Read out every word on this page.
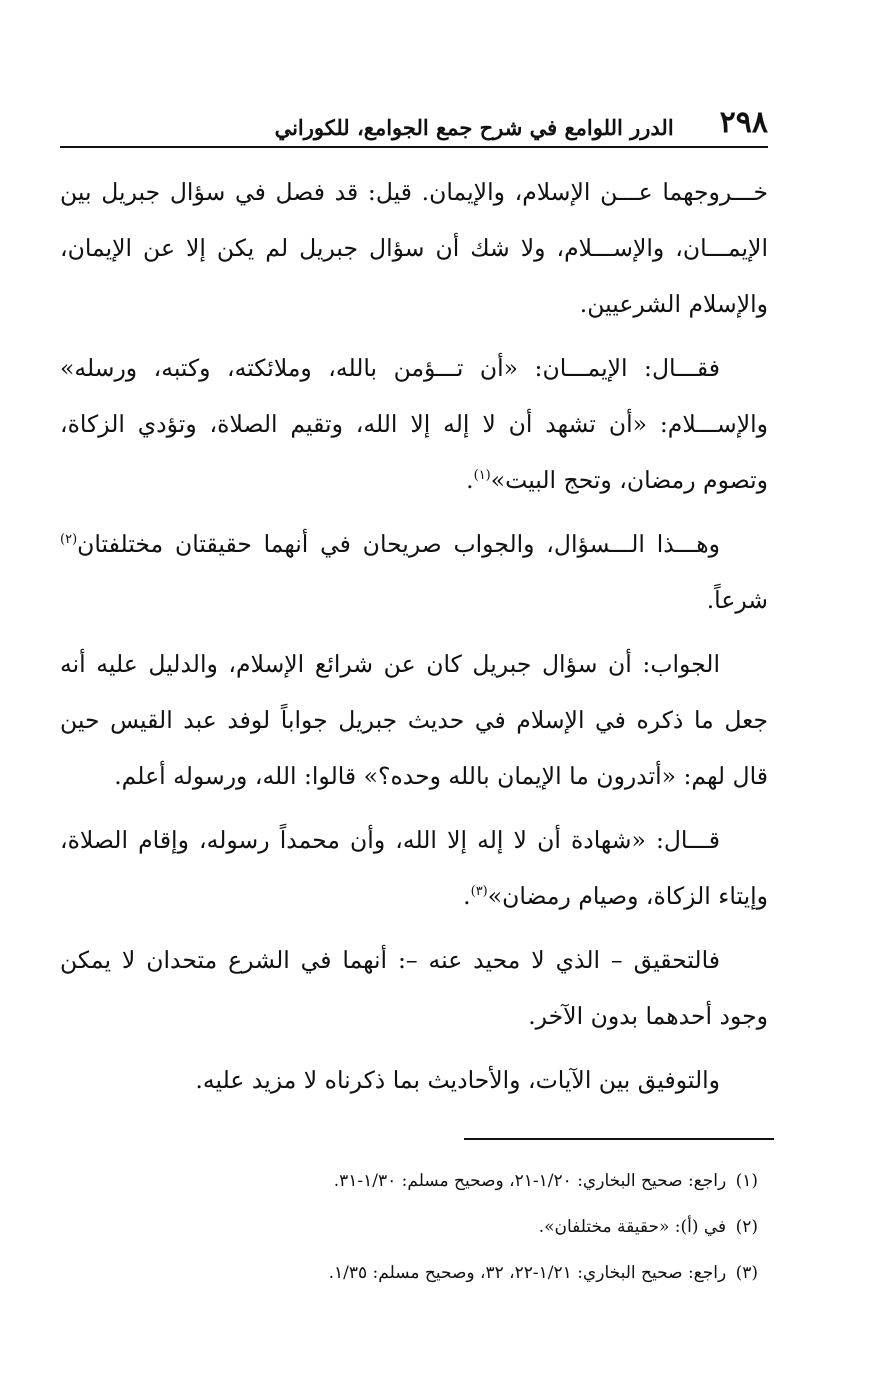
٢٩٨
الدرر اللوامع في شرح جمع الجوامع، للكوراني

خـــروجهما عـــن الإسلام، والإيمان. قيل: قد فصل في سؤال جبريل بين الإيمـــان، والإســـلام، ولا شك أن سؤال جبريل لم يكن إلا عن الإيمان، والإسلام الشرعيين.

فقـــال: الإيمـــان: «أن تـــؤمن بالله، وملائكته، وكتبه، ورسله» والإســـلام: «أن تشهد أن لا إله إلا الله، وتقيم الصلاة، وتؤدي الزكاة، وتصوم رمضان، وتحج البيت»$^{(١)}$.

وهـــذا الـــسؤال، والجواب صريحان في أنهما حقيقتان مختلفتان$^{(٢)}$ شرعاً.

الجواب: أن سؤال جبريل كان عن شرائع الإسلام، والدليل عليه أنه جعل ما ذكره في الإسلام في حديث جبريل جواباً لوفد عبد القيس حين قال لهم: «أتدرون ما الإيمان بالله وحده؟» قالوا: الله، ورسوله أعلم.

قـــال: «شهادة أن لا إله إلا الله، وأن محمداً رسوله، وإقام الصلاة، وإيتاء الزكاة، وصيام رمضان»$^{(٣)}$.

فالتحقيق – الذي لا محيد عنه –: أنهما في الشرع متحدان لا يمكن وجود أحدهما بدون الآخر.

والتوفيق بين الآيات، والأحاديث بما ذكرناه لا مزيد عليه.

(١) راجع: صحيح البخاري: ١/٢٠-٢١، وصحيح مسلم: ١/٣٠-٣١.

(٢) في (أ): «حقيقة مختلفان».

(٣) راجع: صحيح البخاري: ١/٢١-٢٢، ٣٢، وصحيح مسلم: ١/٣٥.
